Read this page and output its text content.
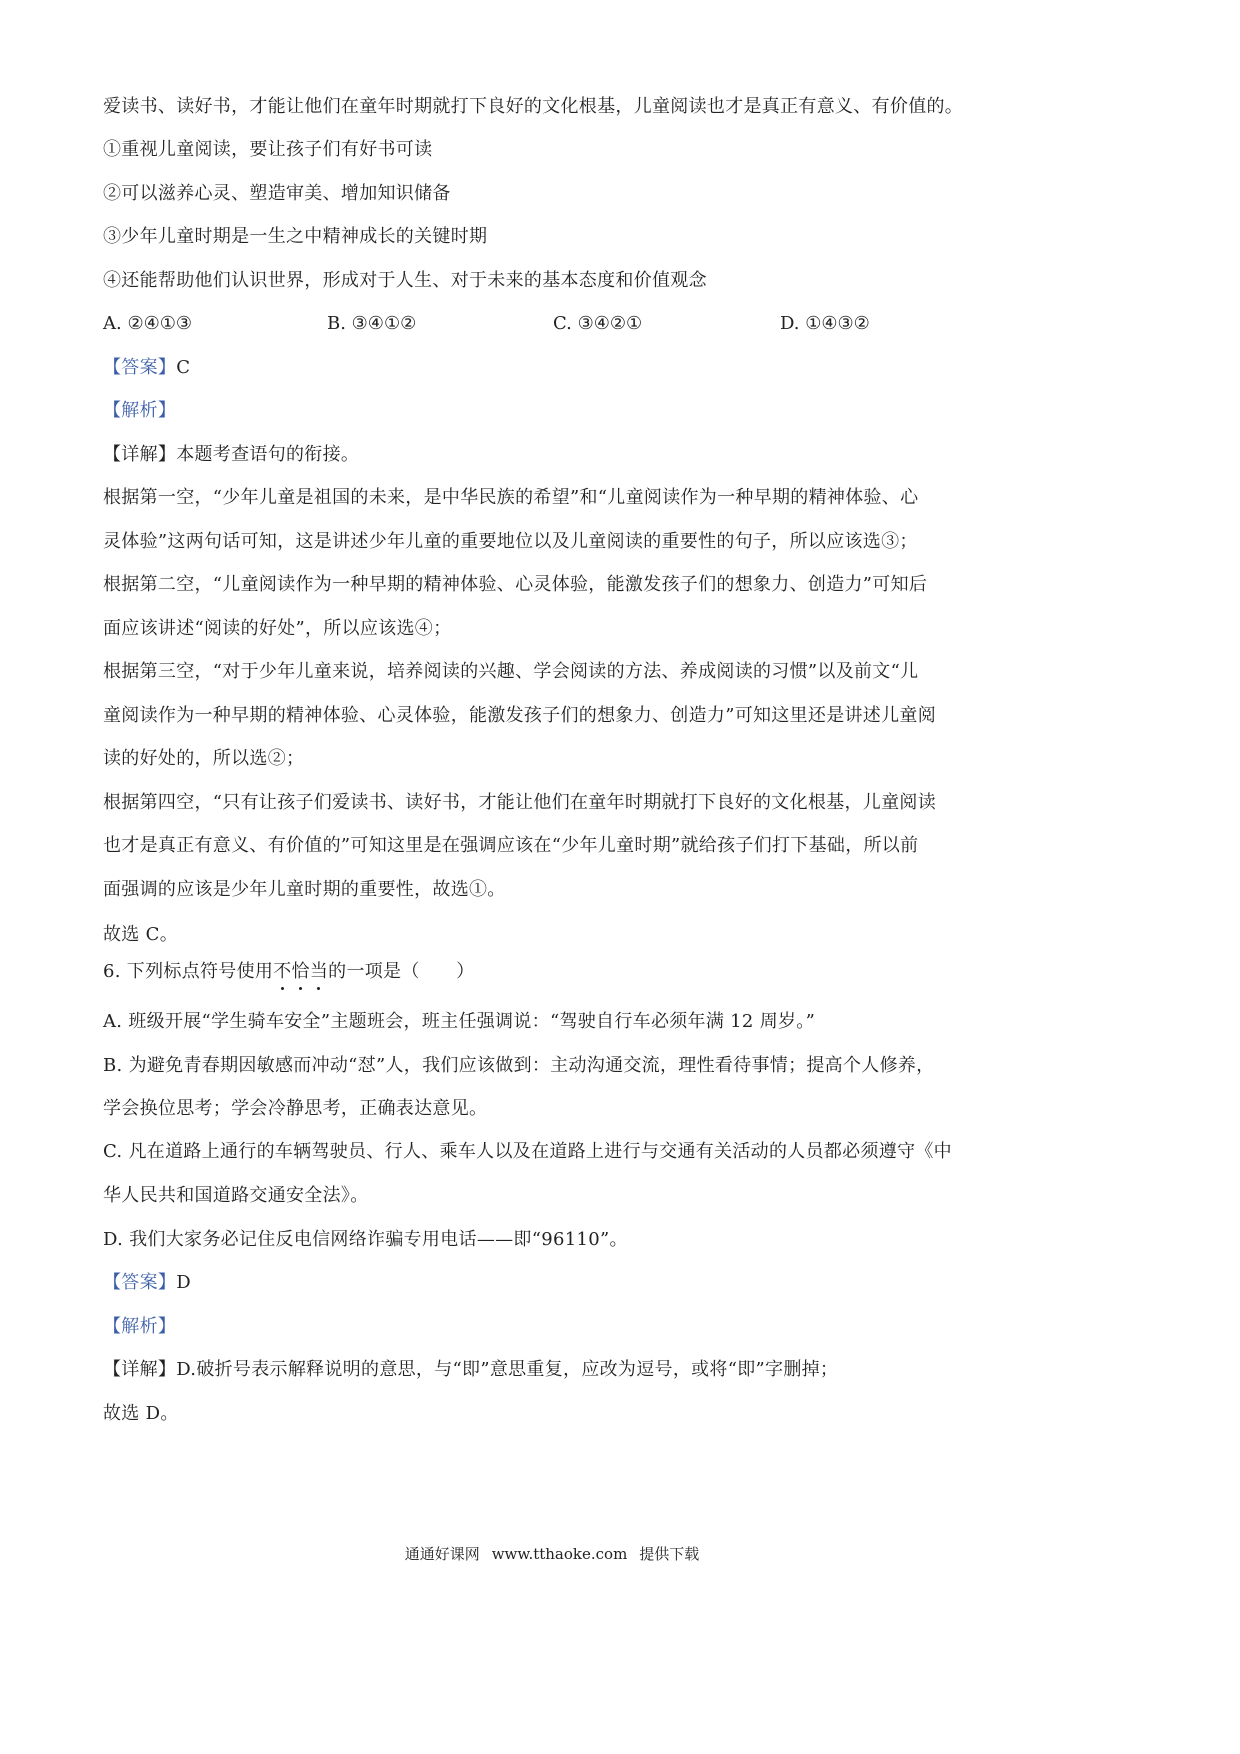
爱读书、读好书，才能让他们在童年时期就打下良好的文化根基，儿童阅读也才是真正有意义、有价值的。
①重视儿童阅读，要让孩子们有好书可读
②可以滋养心灵、塑造审美、增加知识储备
③少年儿童时期是一生之中精神成长的关键时期
④还能帮助他们认识世界，形成对于人生、对于未来的基本态度和价值观念
A. ②④①③	B. ③④①②	C. ③④②①	D. ①④③②
【答案】C
【解析】
【详解】本题考查语句的衔接。
根据第一空，“少年儿童是祖国的未来，是中华民族的希望”和“儿童阅读作为一种早期的精神体验、心
灵体验”这两句话可知，这是讲述少年儿童的重要地位以及儿童阅读的重要性的句子，所以应该选③；
根据第二空，“儿童阅读作为一种早期的精神体验、心灵体验，能激发孩子们的想象力、创造力”可知后
面应该讲述“阅读的好处”，所以应该选④；
根据第三空，“对于少年儿童来说，培养阅读的兴趣、学会阅读的方法、养成阅读的习惯”以及前文“儿
童阅读作为一种早期的精神体验、心灵体验，能激发孩子们的想象力、创造力”可知这里还是讲述儿童阅
读的好处的，所以选②；
根据第四空，“只有让孩子们爱读书、读好书，才能让他们在童年时期就打下良好的文化根基，儿童阅读
也才是真正有意义、有价值的”可知这里是在强调应该在“少年儿童时期”就给孩子们打下基础，所以前
面强调的应该是少年儿童时期的重要性，故选①。
故选 C。
6. 下列标点符号使用不恰当的一项是（　　）
A. 班级开展“学生骑车安全”主题班会，班主任强调说：“驾驶自行车必须年满 12 周岁。”
B. 为避免青春期因敏感而冲动“怼”人，我们应该做到：主动沟通交流，理性看待事情；提高个人修养，
学会换位思考；学会冷静思考，正确表达意见。
C. 凡在道路上通行的车辆驾驶员、行人、乘车人以及在道路上进行与交通有关活动的人员都必须遵守《中
华人民共和国道路交通安全法》。
D. 我们大家务必记住反电信网络诈骗专用电话——即“96110”。
【答案】D
【解析】
【详解】D.破折号表示解释说明的意思，与“即”意思重复，应改为逗号，或将“即”字删掉；
故选 D。
通通好课网 www.tthaoke.com 提供下载
